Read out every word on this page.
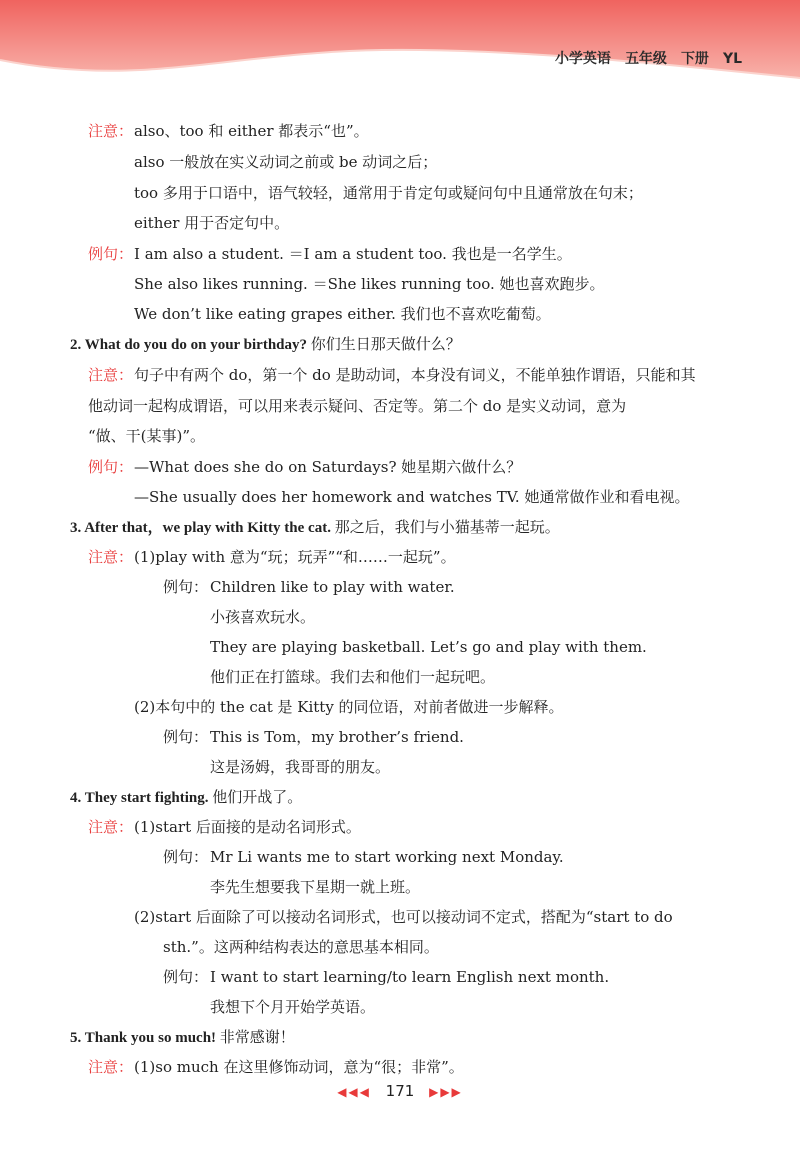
小学英语 五年级 下册 YL
注意： also、too 和 either 都表示“也”。
also 一般放在实义动词之前或 be 动词之后；
too 多用于口语中，语气较轻，通常用于肯定句或疑问句中且通常放在句末；
either 用于否定句中。
例句： I am also a student. ＝I am a student too. 我也是一名学生。
She also likes running. ＝She likes running too. 她也喜欢跑步。
We don’t like eating grapes either. 我们也不喜欢吃葡萄。
2. What do you do on your birthday? 你们生日那天做什么？
注意： 句子中有两个 do，第一个 do 是助动词，本身没有词义，不能单独作谓语，只能和其
他动词一起构成谓语，可以用来表示疑问、否定等。第二个 do 是实义动词，意为
“做、干(某事)”。
例句： —What does she do on Saturdays? 她星期六做什么？
—She usually does her homework and watches TV. 她通常做作业和看电视。
3. After that，we play with Kitty the cat. 那之后，我们与小猫基蒂一起玩。
注意： (1)play with 意为“玩；玩弄”“和……一起玩”。
例句： Children like to play with water.
小孩喜欢玩水。
They are playing basketball. Let’s go and play with them.
他们正在打篮球。我们去和他们一起玩吧。
(2)本句中的 the cat 是 Kitty 的同位语，对前者做进一步解释。
例句： This is Tom，my brother’s friend.
这是汤姆，我哥哥的朋友。
4. They start fighting. 他们开战了。
注意： (1)start 后面接的是动名词形式。
例句： Mr Li wants me to start working next Monday.
李先生想要我下星期一就上班。
(2)start 后面除了可以接动名词形式，也可以接动词不定式，搭配为“start to do
sth.”。这两种结构表达的意思基本相同。
例句： I want to start learning/to learn English next month.
我想下个月开始学英语。
5. Thank you so much! 非常感谢！
注意： (1)so much 在这里修饰动词，意为“很；非常”。
◀◀◀ 171 ▶▶▶
